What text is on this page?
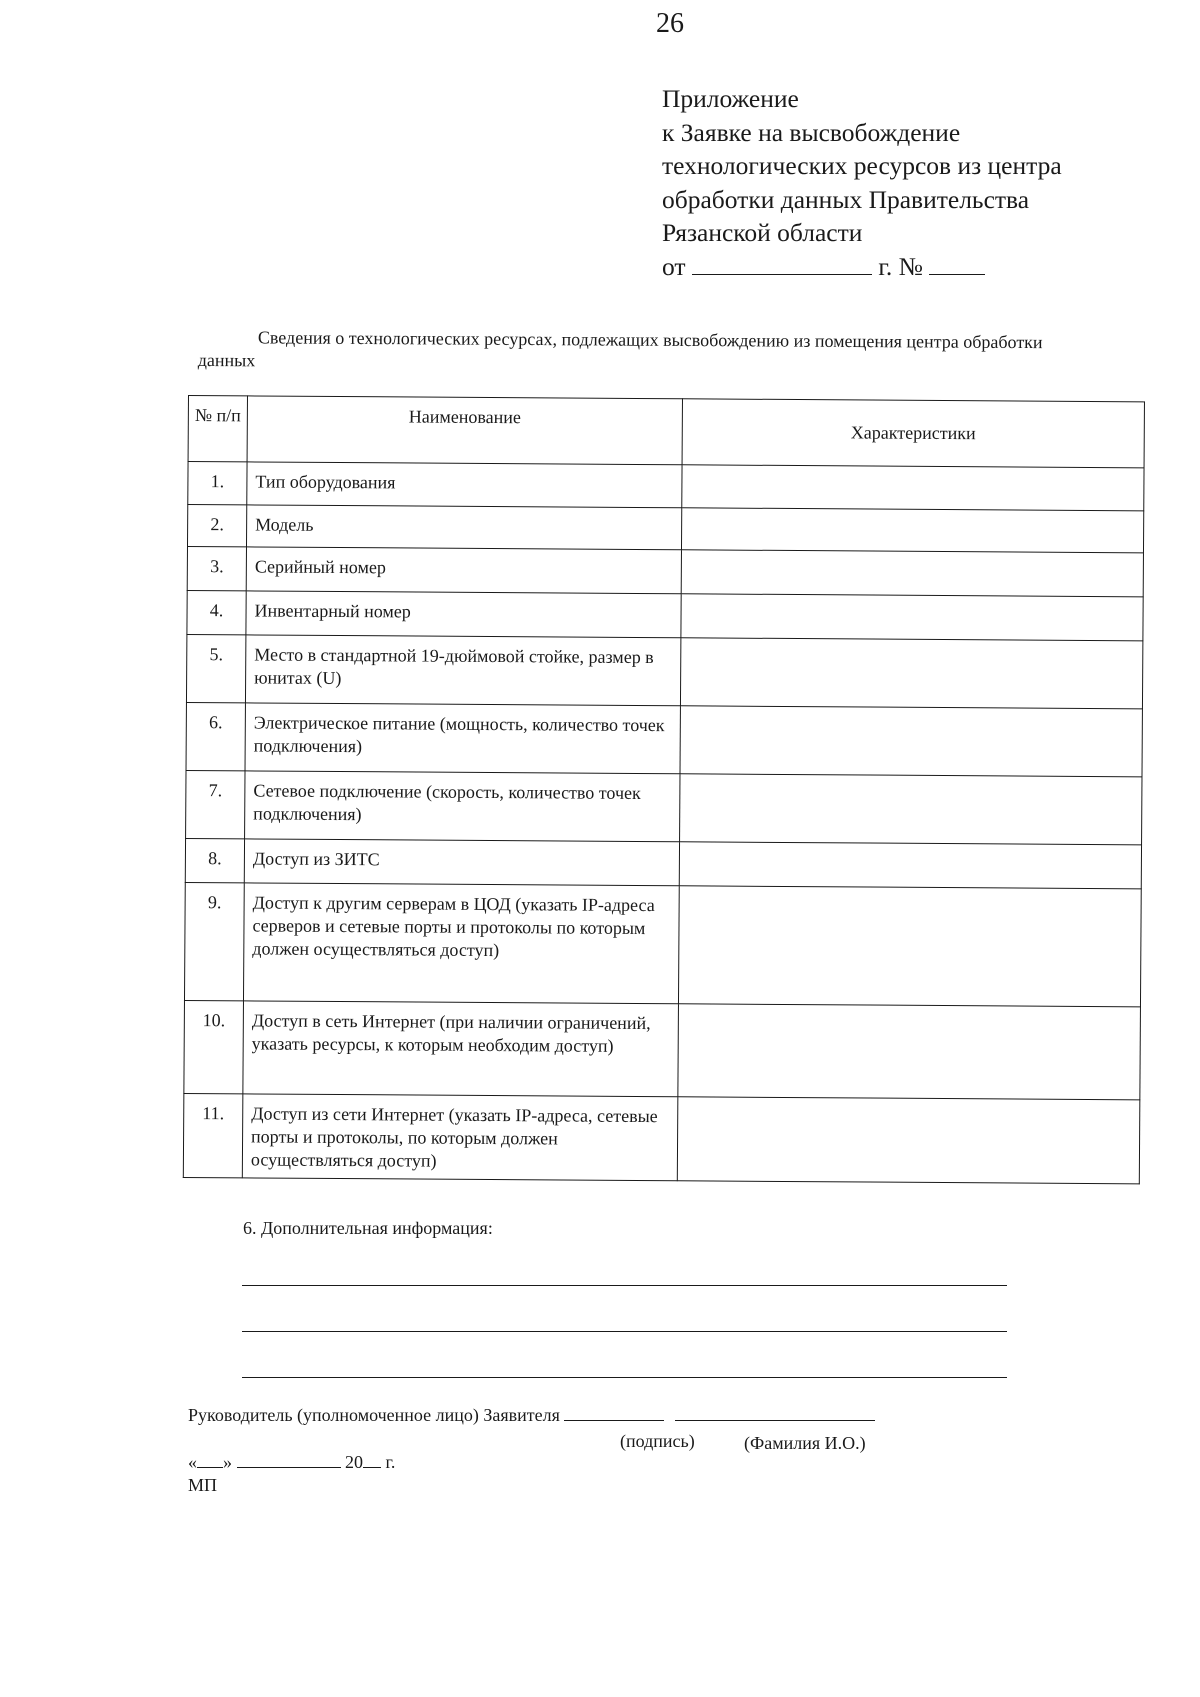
26
Приложение
к Заявке на высвобождение
технологических ресурсов из центра
обработки данных Правительства
Рязанской области
от	г. №
Сведения о технологических ресурсах, подлежащих высвобождению из помещения центра обработки
данных
№ п/п	Наименование	Характеристики
1.	Тип оборудования	
2.	Модель	
3.	Серийный номер	
4.	Инвентарный номер	
5.	Место в стандартной 19-дюймовой стойке, размер в юнитах (U)	
6.	Электрическое питание (мощность, количество точек подключения)	
7.	Сетевое подключение (скорость, количество точек подключения)	
8.	Доступ из ЗИТС	
9.	Доступ к другим серверам в ЦОД (указать IP-адреса серверов и сетевые порты и протоколы по которым должен осуществляться доступ)	
10.	Доступ в сеть Интернет (при наличии ограничений, указать ресурсы, к которым необходим доступ)	
11.	Доступ из сети Интернет (указать IP-адреса, сетевые порты и протоколы, по которым должен осуществляться доступ)	
6. Дополнительная информация:
Руководитель (уполномоченное лицо) Заявителя
(подпись)	(Фамилия И.О.)
« »	20 г.
МП
